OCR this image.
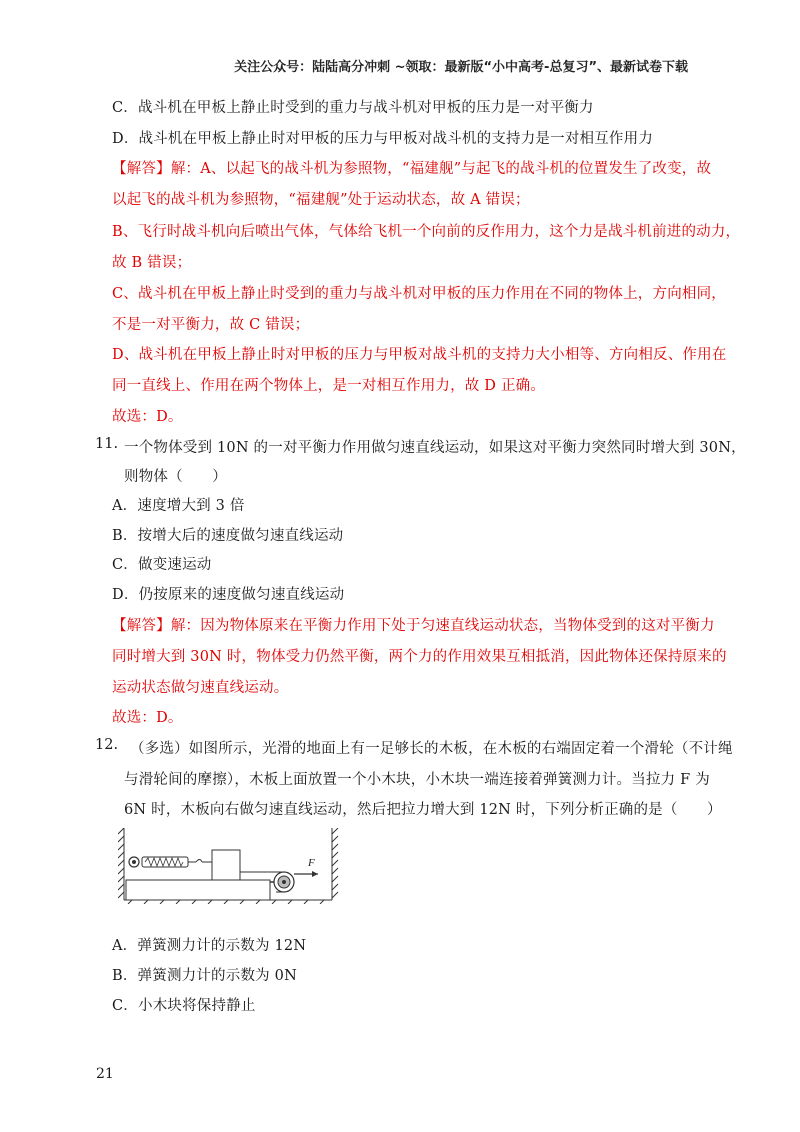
关注公众号：陆陆高分冲刺 ~领取：最新版“小中高考-总复习”、最新试卷下载
C．战斗机在甲板上静止时受到的重力与战斗机对甲板的压力是一对平衡力
D．战斗机在甲板上静止时对甲板的压力与甲板对战斗机的支持力是一对相互作用力
【解答】解：A、以起飞的战斗机为参照物，“福建舰”与起飞的战斗机的位置发生了改变，故
以起飞的战斗机为参照物，“福建舰”处于运动状态，故 A 错误；
B、飞行时战斗机向后喷出气体，气体给飞机一个向前的反作用力，这个力是战斗机前进的动力，
故 B 错误；
C、战斗机在甲板上静止时受到的重力与战斗机对甲板的压力作用在不同的物体上，方向相同，
不是一对平衡力，故 C 错误；
D、战斗机在甲板上静止时对甲板的压力与甲板对战斗机的支持力大小相等、方向相反、作用在
同一直线上、作用在两个物体上，是一对相互作用力，故 D 正确。
故选：D。
11. 一个物体受到 10N 的一对平衡力作用做匀速直线运动，如果这对平衡力突然同时增大到 30N，
则物体（　　）
A．速度增大到 3 倍
B．按增大后的速度做匀速直线运动
C．做变速运动
D．仍按原来的速度做匀速直线运动
【解答】解：因为物体原来在平衡力作用下处于匀速直线运动状态，当物体受到的这对平衡力
同时增大到 30N 时，物体受力仍然平衡，两个力的作用效果互相抵消，因此物体还保持原来的
运动状态做匀速直线运动。
故选：D。
12. （多选）如图所示，光滑的地面上有一足够长的木板，在木板的右端固定着一个滑轮（不计绳
与滑轮间的摩擦），木板上面放置一个小木块，小木块一端连接着弹簧测力计。当拉力 F 为
6N 时，木板向右做匀速直线运动，然后把拉力增大到 12N 时，下列分析正确的是（　　）
F
A．弹簧测力计的示数为 12N
B．弹簧测力计的示数为 0N
C．小木块将保持静止
21
